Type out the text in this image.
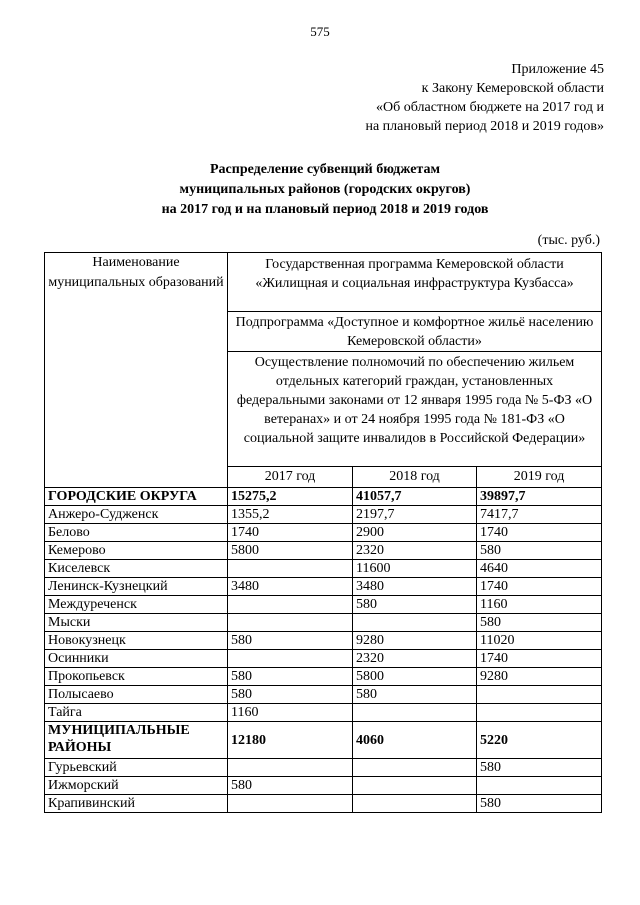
575
Приложение 45
к Закону Кемеровской области
«Об областном бюджете на 2017 год и
на плановый период 2018 и 2019 годов»
Распределение субвенций бюджетам
муниципальных районов (городских округов)
на 2017 год и на плановый период 2018 и 2019 годов
(тыс. руб.)
Наименование муниципальных образований	Государственная программа Кемеровской области «Жилищная и социальная инфраструктура Кузбасса»		
	Подпрограмма «Доступное и комфортное жильё населению Кемеровской области»		
	Осуществление полномочий по обеспечению жильем отдельных категорий граждан, установленных федеральными законами от 12 января 1995 года № 5-ФЗ «О ветеранах» и от 24 ноября 1995 года № 181-ФЗ «О социальной защите инвалидов в Российской Федерации»		
	2017 год	2018 год	2019 год
ГОРОДСКИЕ ОКРУГА	15275,2	41057,7	39897,7
Анжеро-Судженск	1355,2	2197,7	7417,7
Белово	1740	2900	1740
Кемерово	5800	2320	580
Киселевск		11600	4640
Ленинск-Кузнецкий	3480	3480	1740
Междуреченск		580	1160
Мыски			580
Новокузнецк	580	9280	11020
Осинники		2320	1740
Прокопьевск	580	5800	9280
Полысаево	580	580	
Тайга	1160		
МУНИЦИПАЛЬНЫЕ РАЙОНЫ	12180	4060	5220
Гурьевский			580
Ижморский	580		
Крапивинский			580
